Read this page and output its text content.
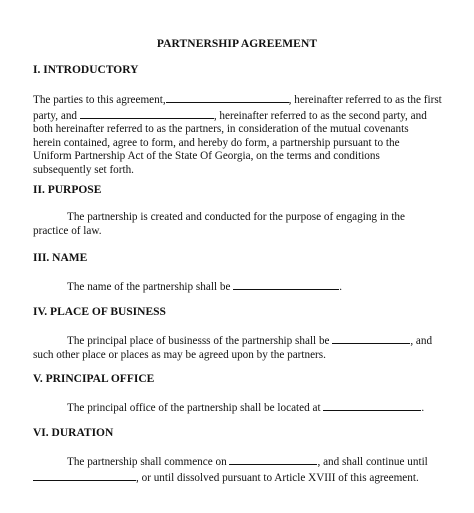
PARTNERSHIP AGREEMENT
I. INTRODUCTORY
The parties to this agreement,	, hereinafter referred to as the first
party, and	, hereinafter referred to as the second party, and
both hereinafter referred to as the partners, in consideration of the mutual covenants
herein contained, agree to form, and hereby do form, a partnership pursuant to the
Uniform Partnership Act of the State Of Georgia, on the terms and conditions
subsequently set forth.
II. PURPOSE
The partnership is created and conducted for the purpose of engaging in the
practice of law.
III. NAME
The name of the partnership shall be	.
IV. PLACE OF BUSINESS
The principal place of businesss of the partnership shall be	, and
such other place or places as may be agreed upon by the partners.
V. PRINCIPAL OFFICE
The principal office of the partnership shall be located at	.
VI. DURATION
The partnership shall commence on	, and shall continue until
, or until dissolved pursuant to Article XVIII of this agreement.
